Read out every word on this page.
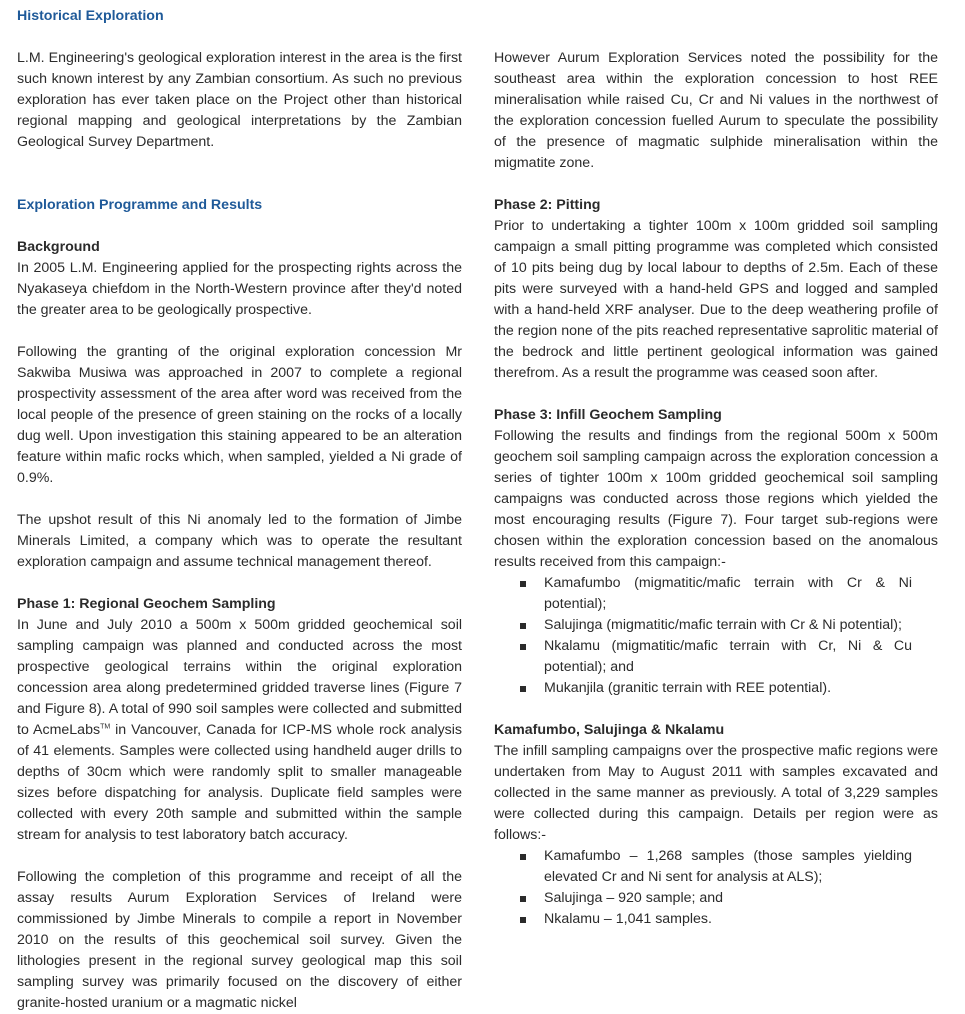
Historical Exploration

L.M. Engineering's geological exploration interest in the area is the first such known interest by any Zambian consortium. As such no previous exploration has ever taken place on the Project other than historical regional mapping and geological interpretations by the Zambian Geological Survey Department.

Exploration Programme and Results
Background

In 2005 L.M. Engineering applied for the prospecting rights across the Nyakaseya chiefdom in the North-Western province after they'd noted the greater area to be geologically prospective.

Following the granting of the original exploration concession Mr Sakwiba Musiwa was approached in 2007 to complete a regional prospectivity assessment of the area after word was received from the local people of the presence of green staining on the rocks of a locally dug well. Upon investigation this staining appeared to be an alteration feature within mafic rocks which, when sampled, yielded a Ni grade of 0.9%.

The upshot result of this Ni anomaly led to the formation of Jimbe Minerals Limited, a company which was to operate the resultant exploration campaign and assume technical management thereof.

Phase 1: Regional Geochem Sampling

In June and July 2010 a 500m x 500m gridded geochemical soil sampling campaign was planned and conducted across the most prospective geological terrains within the original exploration concession area along predetermined gridded traverse lines (Figure 7 and Figure 8). A total of 990 soil samples were collected and submitted to AcmeLabs™ in Vancouver, Canada for ICP-MS whole rock analysis of 41 elements. Samples were collected using handheld auger drills to depths of 30cm which were randomly split to smaller manageable sizes before dispatching for analysis. Duplicate field samples were collected with every 20th sample and submitted within the sample stream for analysis to test laboratory batch accuracy.

Following the completion of this programme and receipt of all the assay results Aurum Exploration Services of Ireland were commissioned by Jimbe Minerals to compile a report in November 2010 on the results of this geochemical soil survey. Given the lithologies present in the regional survey geological map this soil sampling survey was primarily focused on the discovery of either granite-hosted uranium or a magmatic nickel

However Aurum Exploration Services noted the possibility for the southeast area within the exploration concession to host REE mineralisation while raised Cu, Cr and Ni values in the northwest of the exploration concession fuelled Aurum to speculate the possibility of the presence of magmatic sulphide mineralisation within the migmatite zone.

Phase 2: Pitting

Prior to undertaking a tighter 100m x 100m gridded soil sampling campaign a small pitting programme was completed which consisted of 10 pits being dug by local labour to depths of 2.5m. Each of these pits were surveyed with a hand-held GPS and logged and sampled with a hand-held XRF analyser. Due to the deep weathering profile of the region none of the pits reached representative saprolitic material of the bedrock and little pertinent geological information was gained therefrom. As a result the programme was ceased soon after.

Phase 3: Infill Geochem Sampling

Following the results and findings from the regional 500m x 500m geochem soil sampling campaign across the exploration concession a series of tighter 100m x 100m gridded geochemical soil sampling campaigns was conducted across those regions which yielded the most encouraging results (Figure 7). Four target sub-regions were chosen within the exploration concession based on the anomalous results received from this campaign:-

Kamafumbo (migmatitic/mafic terrain with Cr & Ni potential);
Salujinga (migmatitic/mafic terrain with Cr & Ni potential);
Nkalamu (migmatitic/mafic terrain with Cr, Ni & Cu potential); and
Mukanjila (granitic terrain with REE potential).
Kamafumbo, Salujinga & Nkalamu

The infill sampling campaigns over the prospective mafic regions were undertaken from May to August 2011 with samples excavated and collected in the same manner as previously. A total of 3,229 samples were collected during this campaign. Details per region were as follows:-

Kamafumbo – 1,268 samples (those samples yielding elevated Cr and Ni sent for analysis at ALS);
Salujinga – 920 sample; and
Nkalamu – 1,041 samples.
